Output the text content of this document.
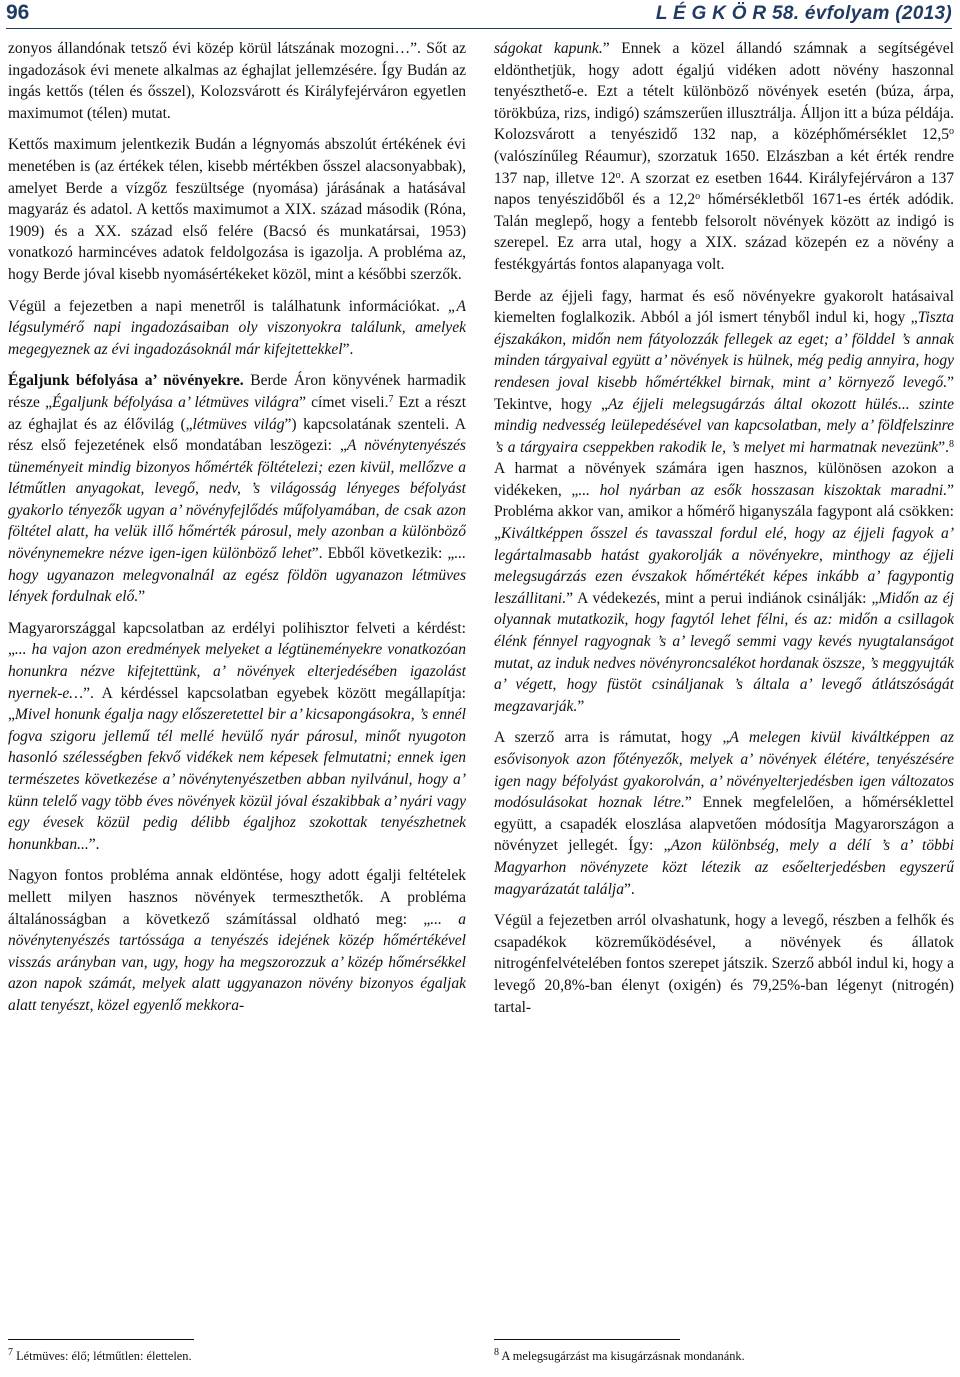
96	L É G K Ö R 58. évfolyam (2013)

zonyos állandónak tetsző évi közép körül látszának mozogni…”. Sőt az ingadozások évi menete alkalmas az éghajlat jellemzésére. Így Budán az ingás kettős (télen és ősszel), Kolozsvárott és Királyfejérváron egyetlen maximumot (télen) mutat.

Kettős maximum jelentkezik Budán a légnyomás abszolút értékének évi menetében is (az értékek télen, kisebb mértékben ősszel alacsonyabbak), amelyet Berde a vízgőz feszültsége (nyomása) járásának a hatásával magyaráz és adatol. A kettős maximumot a XIX. század második (Róna, 1909) és a XX. század első felére (Bacsó és munkatársai, 1953) vonatkozó harmincéves adatok feldolgozása is igazolja. A probléma az, hogy Berde jóval kisebb nyomásértékeket közöl, mint a későbbi szerzők.

Végül a fejezetben a napi menetről is találhatunk információkat. „A légsulymérő napi ingadozásaiban oly viszonyokra találunk, amelyek megegyeznek az évi ingadozásoknál már kifejtettekkel”.

Égaljunk béfolyása a’ növényekre. Berde Áron könyvének harmadik része „Égaljunk béfolyása a’ létmüves világra” címet viseli.$^7$ Ezt a részt az éghajlat és az élővilág („létmüves világ”) kapcsolatának szenteli. A rész első fejezetének első mondatában leszögezi: „A növénytenyészés tüneményeit mindig bizonyos hőmérték föltételezi; ezen kivül, mellőzve a létműtlen anyagokat, levegő, nedv, ’s világosság lényeges béfolyást gyakorlo tényezők ugyan a’ növényfejlődés műfolyamában, de csak azon föltétel alatt, ha velük illő hőmérték párosul, mely azonban a különböző növénynemekre nézve igen-igen különböző lehet”. Ebből következik: „... hogy ugyanazon melegvonalnál az egész földön ugyanazon létmüves lények fordulnak elő.”

Magyarországgal kapcsolatban az erdélyi polihisztor felveti a kérdést: „... ha vajon azon eredmények melyeket a légtüneményekre vonatkozóan honunkra nézve kifejtettünk, a’ növények elterjedésében igazolást nyernek-e…”. A kérdéssel kapcsolatban egyebek között megállapítja: „Mivel honunk égalja nagy előszeretettel bir a’ kicsapongásokra, ’s ennél fogva szigoru jellemű tél mellé hevülő nyár párosul, minőt nyugoton hasonló szélességben fekvő vidékek nem képesek felmutatni; ennek igen természetes következése a’ növénytenyészetben abban nyilvánul, hogy a’ künn telelő vagy több éves növények közül jóval északibbak a’ nyári vagy egy évesek közül pedig délibb égaljhoz szokottak tenyészhetnek honunkban...”.

Nagyon fontos probléma annak eldöntése, hogy adott égalji feltételek mellett milyen hasznos növények termeszthetők. A probléma általánosságban a következő számítással oldható meg: „... a növénytenyészés tartóssága a tenyészés idejének közép hőmértékével visszás arányban van, ugy, hogy ha megszorozzuk a’ közép hőmérsékkel azon napok számát, melyek alatt uggyanazon növény bizonyos égaljak alatt tenyészt, közel egyenlő mekkora-

ságokat kapunk.” Ennek a közel állandó számnak a segítségével eldönthetjük, hogy adott égaljú vidéken adott növény haszonnal tenyészthető-e. Ezt a tételt különböző növények esetén (búza, árpa, törökbúza, rizs, indigó) számszerűen illusztrálja. Álljon itt a búza példája. Kolozsvárott a tenyészidő 132 nap, a középhőmérséklet 12,5$^o$ (valószínűleg Réaumur), szorzatuk 1650. Elzászban a két érték rendre 137 nap, illetve 12$^o$. A szorzat ez esetben 1644. Királyfejérváron a 137 napos tenyészidőből és a 12,2$^o$ hőmérsékletből 1671-es érték adódik. Talán meglepő, hogy a fentebb felsorolt növények között az indigó is szerepel. Ez arra utal, hogy a XIX. század közepén ez a növény a festékgyártás fontos alapanyaga volt.

Berde az éjjeli fagy, harmat és eső növényekre gyakorolt hatásaival kiemelten foglalkozik. Abból a jól ismert tényből indul ki, hogy „Tiszta éjszakákon, midőn nem fátyolozzák fellegek az eget; a’ földdel ’s annak minden tárgyaival együtt a’ növények is hülnek, még pedig annyira, hogy rendesen joval kisebb hőmértékkel birnak, mint a’ környező levegő.” Tekintve, hogy „Az éjjeli melegsugárzás által okozott hülés... szinte mindig nedvesség leülepedésével van kapcsolatban, mely a’ földfelszinre ’s a tárgyaira cseppekben rakodik le, ’s melyet mi harmatnak nevezünk”.$^8$ A harmat a növények számára igen hasznos, különösen azokon a vidékeken, „... hol nyárban az esők hosszasan kiszoktak maradni.” Probléma akkor van, amikor a hőmérő higanyszála fagypont alá csökken: „Kiváltképpen ősszel és tavasszal fordul elé, hogy az éjjeli fagyok a’ legártalmasabb hatást gyakorolják a növényekre, minthogy az éjjeli melegsugárzás ezen évszakok hőmértékét képes inkább a’ fagypontig leszállitani.” A védekezés, mint a perui indiánok csinálják: „Midőn az éj olyannak mutatkozik, hogy fagytól lehet félni, és az: midőn a csillagok élénk fénnyel ragyognak ’s a’ levegő semmi vagy kevés nyugtalanságot mutat, az induk nedves növényroncsalékot hordanak öszsze, ’s meggyujták a’ végett, hogy füstöt csináljanak ’s általa a’ levegő átlátszóságát megzavarják.”

A szerző arra is rámutat, hogy „A melegen kivül kiváltképpen az esővisonyok azon főtényezők, melyek a’ növények élétére, tenyészésére igen nagy béfolyást gyakorolván, a’ növényelterjedésben igen változatos modósulásokat hoznak létre.” Ennek megfelelően, a hőmérséklettel együtt, a csapadék eloszlása alapvetően módosítja Magyarországon a növényzet jellegét. Így: „Azon különbség, mely a délí ’s a’ többi Magyarhon növényzete közt létezik az esőelterjedésben egyszerű magyarázatát találja”.

Végül a fejezetben arról olvashatunk, hogy a levegő, részben a felhők és csapadékok közreműködésével, a növények és állatok nitrogénfelvételében fontos szerepet játszik. Szerző abból indul ki, hogy a levegő 20,8%-ban élenyt (oxigén) és 79,25%-ban légenyt (nitrogén) tartal-

$^7$ Létmüves: élő; létműtlen: élettelen.	$^8$ A melegsugárzást ma kisugárzásnak mondanánk.
